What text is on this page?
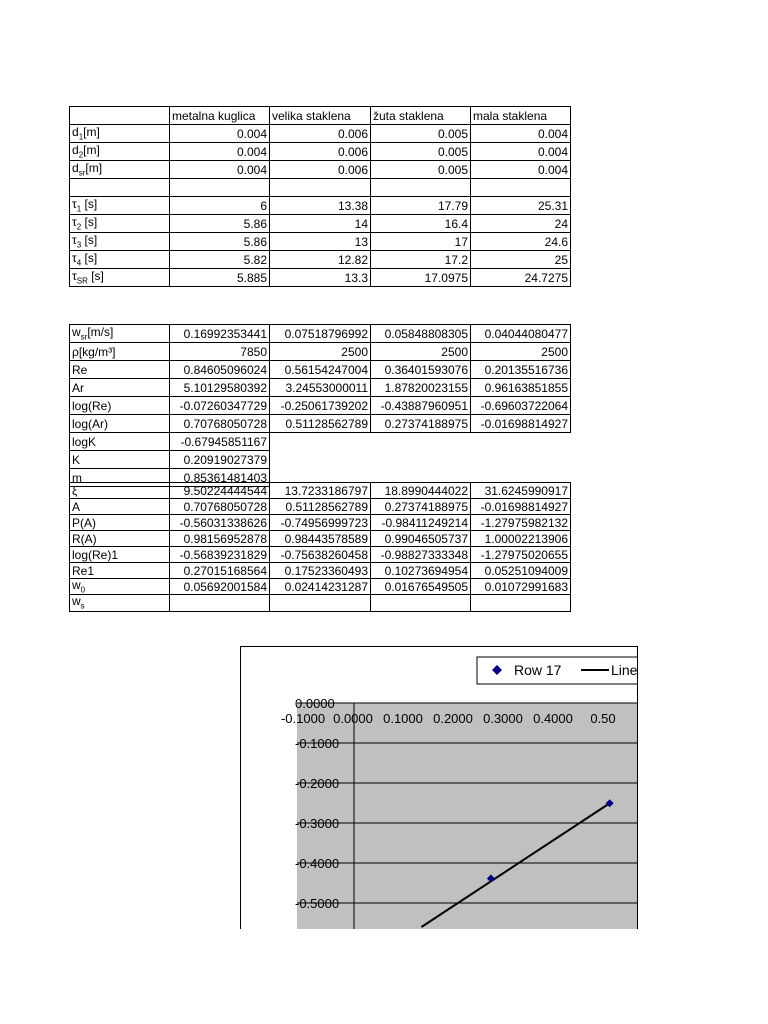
	metalna kuglica	velika staklena	žuta staklena	mala staklena
$d_1[m]$	0.004	0.006	0.005	0.004
$d_2[m]$	0.004	0.006	0.005	0.004
$d_{sr}[m]$	0.004	0.006	0.005	0.004

$\tau_1$ [s]	6	13.38	17.79	25.31
$\tau_2$ [s]	5.86	14	16.4	24
$\tau_3$ [s]	5.86	13	17	24.6
$\tau_4$ [s]	5.82	12.82	17.2	25
$\tau_{SR}$ [s]	5.885	13.3	17.0975	24.7275
$w_{sr}[m/s]$	0.16992353441	0.07518796992	0.05848808305	0.04044080477
ρ[kg/m³]	7850	2500	2500	2500
Re	0.84605096024	0.56154247004	0.36401593076	0.20135516736
Ar	5.10129580392	3.24553000011	1.87820023155	0.96163851855
log(Re)	-0.07260347729	-0.25061739202	-0.43887960951	-0.69603722064
log(Ar)	0.70768050728	0.51128562789	0.27374188975	-0.01698814927
logK	-0.67945851167			
K	0.20919027379			
m	0.85361481403			
ξ	9.50224444544	13.7233186797	18.8990444022	31.6245990917
A	0.70768050728	0.51128562789	0.27374188975	-0.01698814927
P(A)	-0.56031338626	-0.74956999723	-0.98411249214	-1.27975982132
R(A)	0.98156952878	0.98443578589	0.99046505737	1.00002213906
log(Re)1	-0.56839231829	-0.75638260458	-0.98827333348	-1.27975020655
Re1	0.27015168564	0.17523360493	0.10273694954	0.05251094009
$w_0$	0.05692001584	0.02414231287	0.01676549505	0.01072991683
$w_s$				
-0.1000 0.0000 0.1000 0.2000 0.3000 0.4000 0.50
0.0000
-0.1000
-0.2000
-0.3000
-0.4000
-0.5000
Row 17	Line
